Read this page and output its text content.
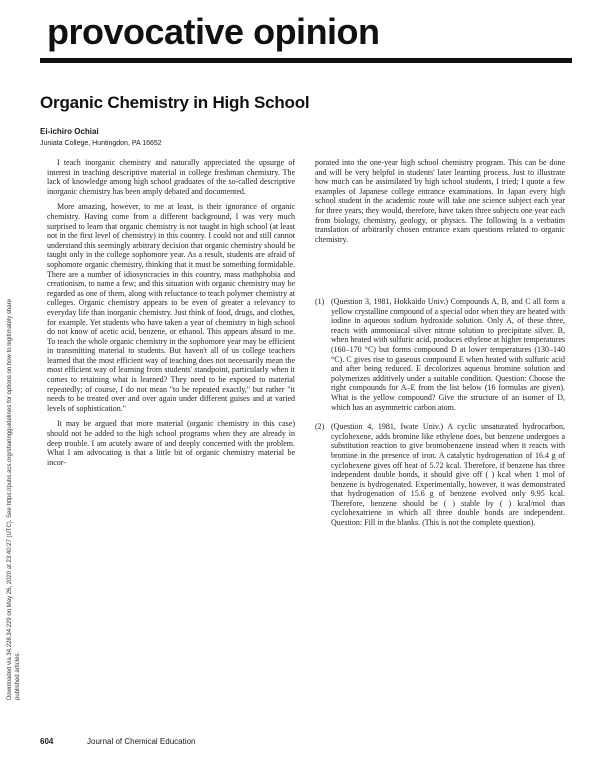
provocative opinion
Organic Chemistry in High School
Ei-ichiro Ochiai
Juniata College, Huntingdon, PA 16652
Downloaded via 34.228.34.229 on May 26, 2020 at 23:40:27 (UTC). See https://pubs.acs.org/sharingguidelines for options on how to legitimately share published articles.

I teach inorganic chemistry and naturally appreciated the upsurge of interest in teaching descriptive material in college freshman chemistry. The lack of knowledge among high school graduates of the so-called descriptive inorganic chemistry has been amply debated and documented.

More amazing, however, to me at least, is their ignorance of organic chemistry. Having come from a different background, I was very much surprised to learn that organic chemistry is not taught in high school (at least not in the first level of chemistry) in this country. I could not and still cannot understand this seemingly arbitrary decision that organic chemistry should be taught only in the college sophomore year. As a result, students are afraid of sophomore organic chemistry, thinking that it must be something formidable. There are a number of idiosyncracies in this country, mass mathphobia and creationism, to name a few; and this situation with organic chemistry may be regarded as one of them, along with reluctance to teach polymer chemistry at colleges. Organic chemistry appears to be even of greater a relevancy to everyday life than inorganic chemistry. Just think of food, drugs, and clothes, for example. Yet students who have taken a year of chemistry in high school do not know of acetic acid, benzene, or ethanol. This appears absurd to me. To teach the whole organic chemistry in the sophomore year may be efficient in transmitting material to students. But haven't all of us college teachers learned that the most efficient way of teaching does not necessarily mean the most efficient way of learning from students' standpoint, particularly when it comes to retaining what is learned? They need to be exposed to material repeatedly; of course, I do not mean "to be repeated exactly," but rather "it needs to be treated over and over again under different guises and at varied levels of sophistication."

It may be argued that more material (organic chemistry in this case) should not be added to the high school programs when they are already in deep trouble. I am acutely aware of and deeply concerned with the problem. What I am advocating is that a little bit of organic chemistry material be incor-

porated into the one-year high school chemistry program. This can be done and will be very helpful in students' later learning process. Just to illustrate how much can be assimilated by high school students, I tried; I quote a few examples of Japanese college entrance examinations. In Japan every high school student in the academic route will take one science subject each year for three years; they would, therefore, have taken three subjects one year each from biology, chemistry, geology, or physics. The following is a verbatim translation of arbitrarily chosen entrance exam questions related to organic chemistry.

(1) (Question 3, 1981, Hokkaido Univ.) Compounds A, B, and C all form a yellow crystalline compound of a special odor when they are heated with iodine in aqueous sodium hydroxide solution. Only A, of these three, reacts with ammoniacal silver nitrate solution to precipitate silver. B, when heated with sulfuric acid, produces ethylene at higher temperatures (160–170 °C) but forms compound D at lower temperatures (130–140 °C). C gives rise to gaseous compound E when heated with sulfuric acid and after being reduced. E decolorizes aqueous bromine solution and polymerizes additively under a suitable condition. Question: Choose the right compounds for A–E from the list below (16 formulas are given). What is the yellow compound? Give the structure of an isomer of D, which has an asymmetric carbon atom.
(2) (Question 4, 1981, Iwate Univ.) A cyclic unsaturated hydrocarbon, cyclohexene, adds bromine like ethylene does, but benzene undergoes a substitution reaction to give bromobenzene instead when it reacts with bromine in the presence of iron. A catalytic hydrogenation of 16.4 g of cyclohexene gives off heat of 5.72 kcal. Therefore, if benzene has three independent double bonds, it should give off ( ) kcal when 1 mol of benzene is hydrogenated. Experimentally, however, it was demonstrated that hydrogenation of 15.6 g of benzene evolved only 9.95 kcal. Therefore, benzene should be ( ) stable by ( ) kcal/mol than cyclohexatriene in which all three double bonds are independent. Question: Fill in the blanks. (This is not the complete question).
604	Journal of Chemical Education
